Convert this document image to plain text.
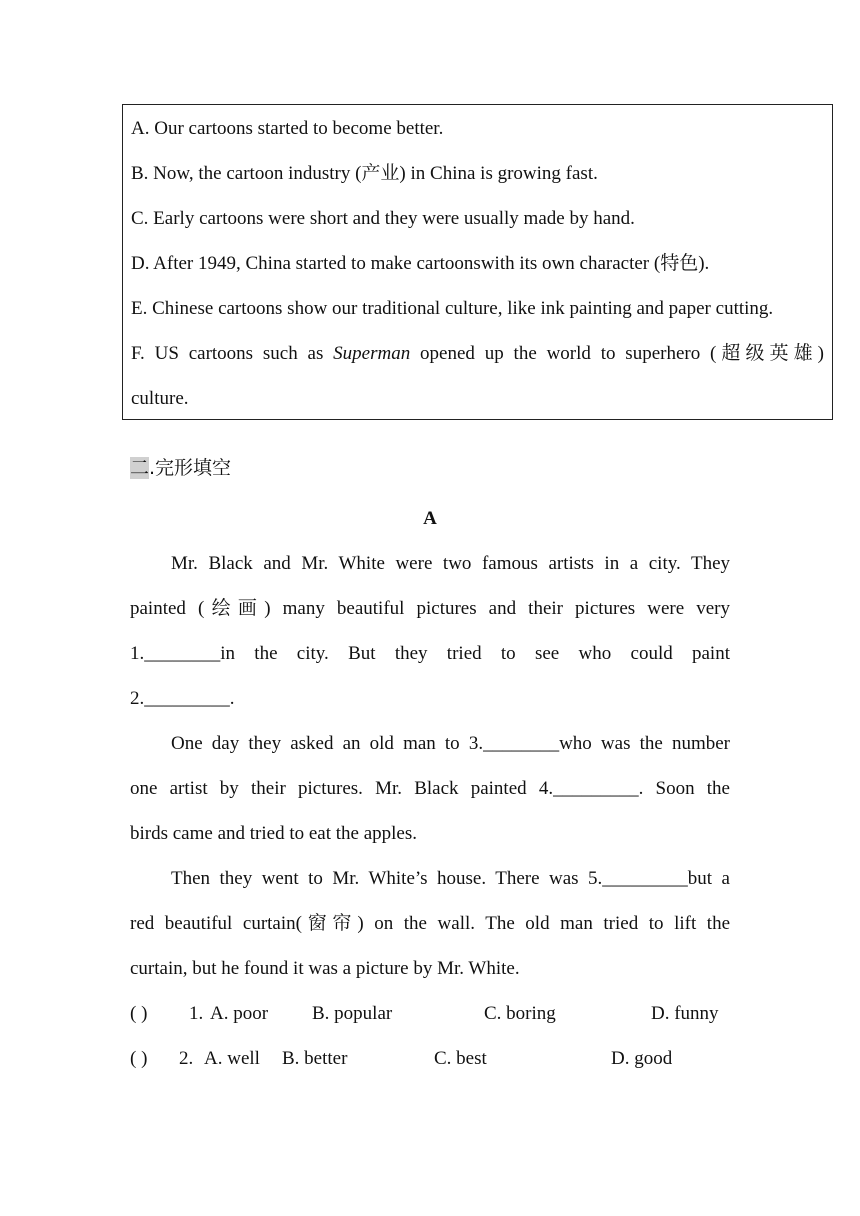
A. Our cartoons started to become better.
B. Now, the cartoon industry (产业) in China is growing fast.
C. Early cartoons were short and they were usually made by hand.
D. After 1949, China started to make cartoonswith its own character (特色).
E. Chinese cartoons show our traditional culture, like ink painting and paper cutting.
F. US cartoons such as Superman opened up the world to superhero (超级英雄)
culture.
二.完形填空
A
Mr. Black and Mr. White were two famous artists in a city. They
painted (绘画) many beautiful pictures and their pictures were very
1.________in the city. But they tried to see who could paint
2._________.
One day they asked an old man to 3.________who was the number
one artist by their pictures. Mr. Black painted 4._________. Soon the
birds came and tried to eat the apples.
Then they went to Mr. White’s house. There was 5._________but a
red beautiful curtain(窗帘) on the wall. The old man tried to lift the
curtain, but he found it was a picture by Mr. White.
( ) 1. A. poor B. popular	C. boring	D. funny
( ) 2. A. well B. better	C. best	D. good
